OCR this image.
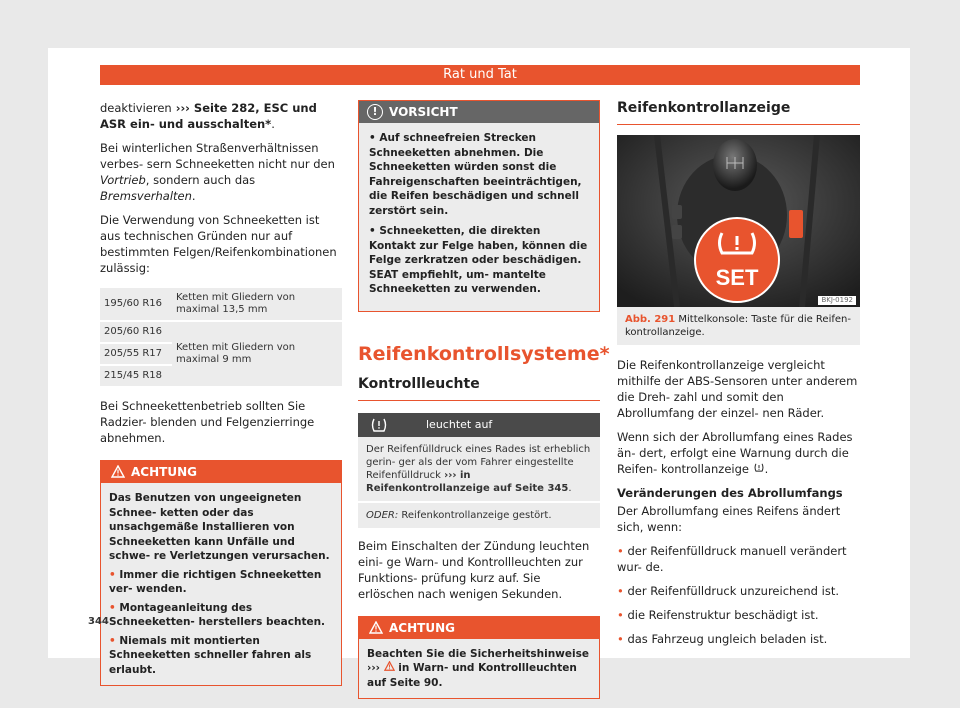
Rat und Tat

deaktivieren ››› Seite 282, ESC und ASR ein- und ausschalten*.

Bei winterlichen Straßenverhältnissen verbes- sern Schneeketten nicht nur den Vortrieb, sondern auch das Bremsverhalten.

Die Verwendung von Schneeketten ist aus technischen Gründen nur auf bestimmten Felgen/Reifenkombinationen zulässig:

195/60 R16	Ketten mit Gliedern von maximal 13,5 mm
205/60 R16	Ketten mit Gliedern von maximal 9 mm
205/55 R17	
215/45 R18	

Bei Schneekettenbetrieb sollten Sie Radzier- blenden und Felgenzierringe abnehmen.

ACHTUNG
Das Benutzen von ungeeigneten Schnee- ketten oder das unsachgemäße Installieren von Schneeketten kann Unfälle und schwe- re Verletzungen verursachen.
• Immer die richtigen Schneeketten ver- wenden.
• Montageanleitung des Schneeketten- herstellers beachten.
• Niemals mit montierten Schneeketten schneller fahren als erlaubt.
! VORSICHT
• Auf schneefreien Strecken Schneeketten abnehmen. Die Schneeketten würden sonst die Fahreigenschaften beeinträchtigen, die Reifen beschädigen und schnell zerstört sein.
• Schneeketten, die direkten Kontakt zur Felge haben, können die Felge zerkratzen oder beschädigen. SEAT empfiehlt, um- mantelte Schneeketten zu verwenden.
Reifenkontrollsysteme*
Kontrollleuchte
leuchtet auf
Der Reifenfülldruck eines Rades ist erheblich gerin- ger als der vom Fahrer eingestellte Reifenfülldruck ››› in Reifenkontrollanzeige auf Seite 345.
ODER: Reifenkontrollanzeige gestört.

Beim Einschalten der Zündung leuchten eini- ge Warn- und Kontrollleuchten zur Funktions- prüfung kurz auf. Sie erlöschen nach wenigen Sekunden.

ACHTUNG
Beachten Sie die Sicherheitshinweise ›››  in Warn- und Kontrollleuchten auf Seite 90.
Reifenkontrollanzeige
SET
BKJ-0192
Abb. 291 Mittelkonsole: Taste für die Reifen- kontrollanzeige.

Die Reifenkontrollanzeige vergleicht mithilfe der ABS-Sensoren unter anderem die Dreh- zahl und somit den Abrollumfang der einzel- nen Räder.

Wenn sich der Abrollumfang eines Rades än- dert, erfolgt eine Warnung durch die Reifen- kontrollanzeige .

Veränderungen des Abrollumfangs

Der Abrollumfang eines Reifens ändert sich, wenn:

• der Reifenfülldruck manuell verändert wur- de.
• der Reifenfülldruck unzureichend ist.
• die Reifenstruktur beschädigt ist.
• das Fahrzeug ungleich beladen ist.
344
